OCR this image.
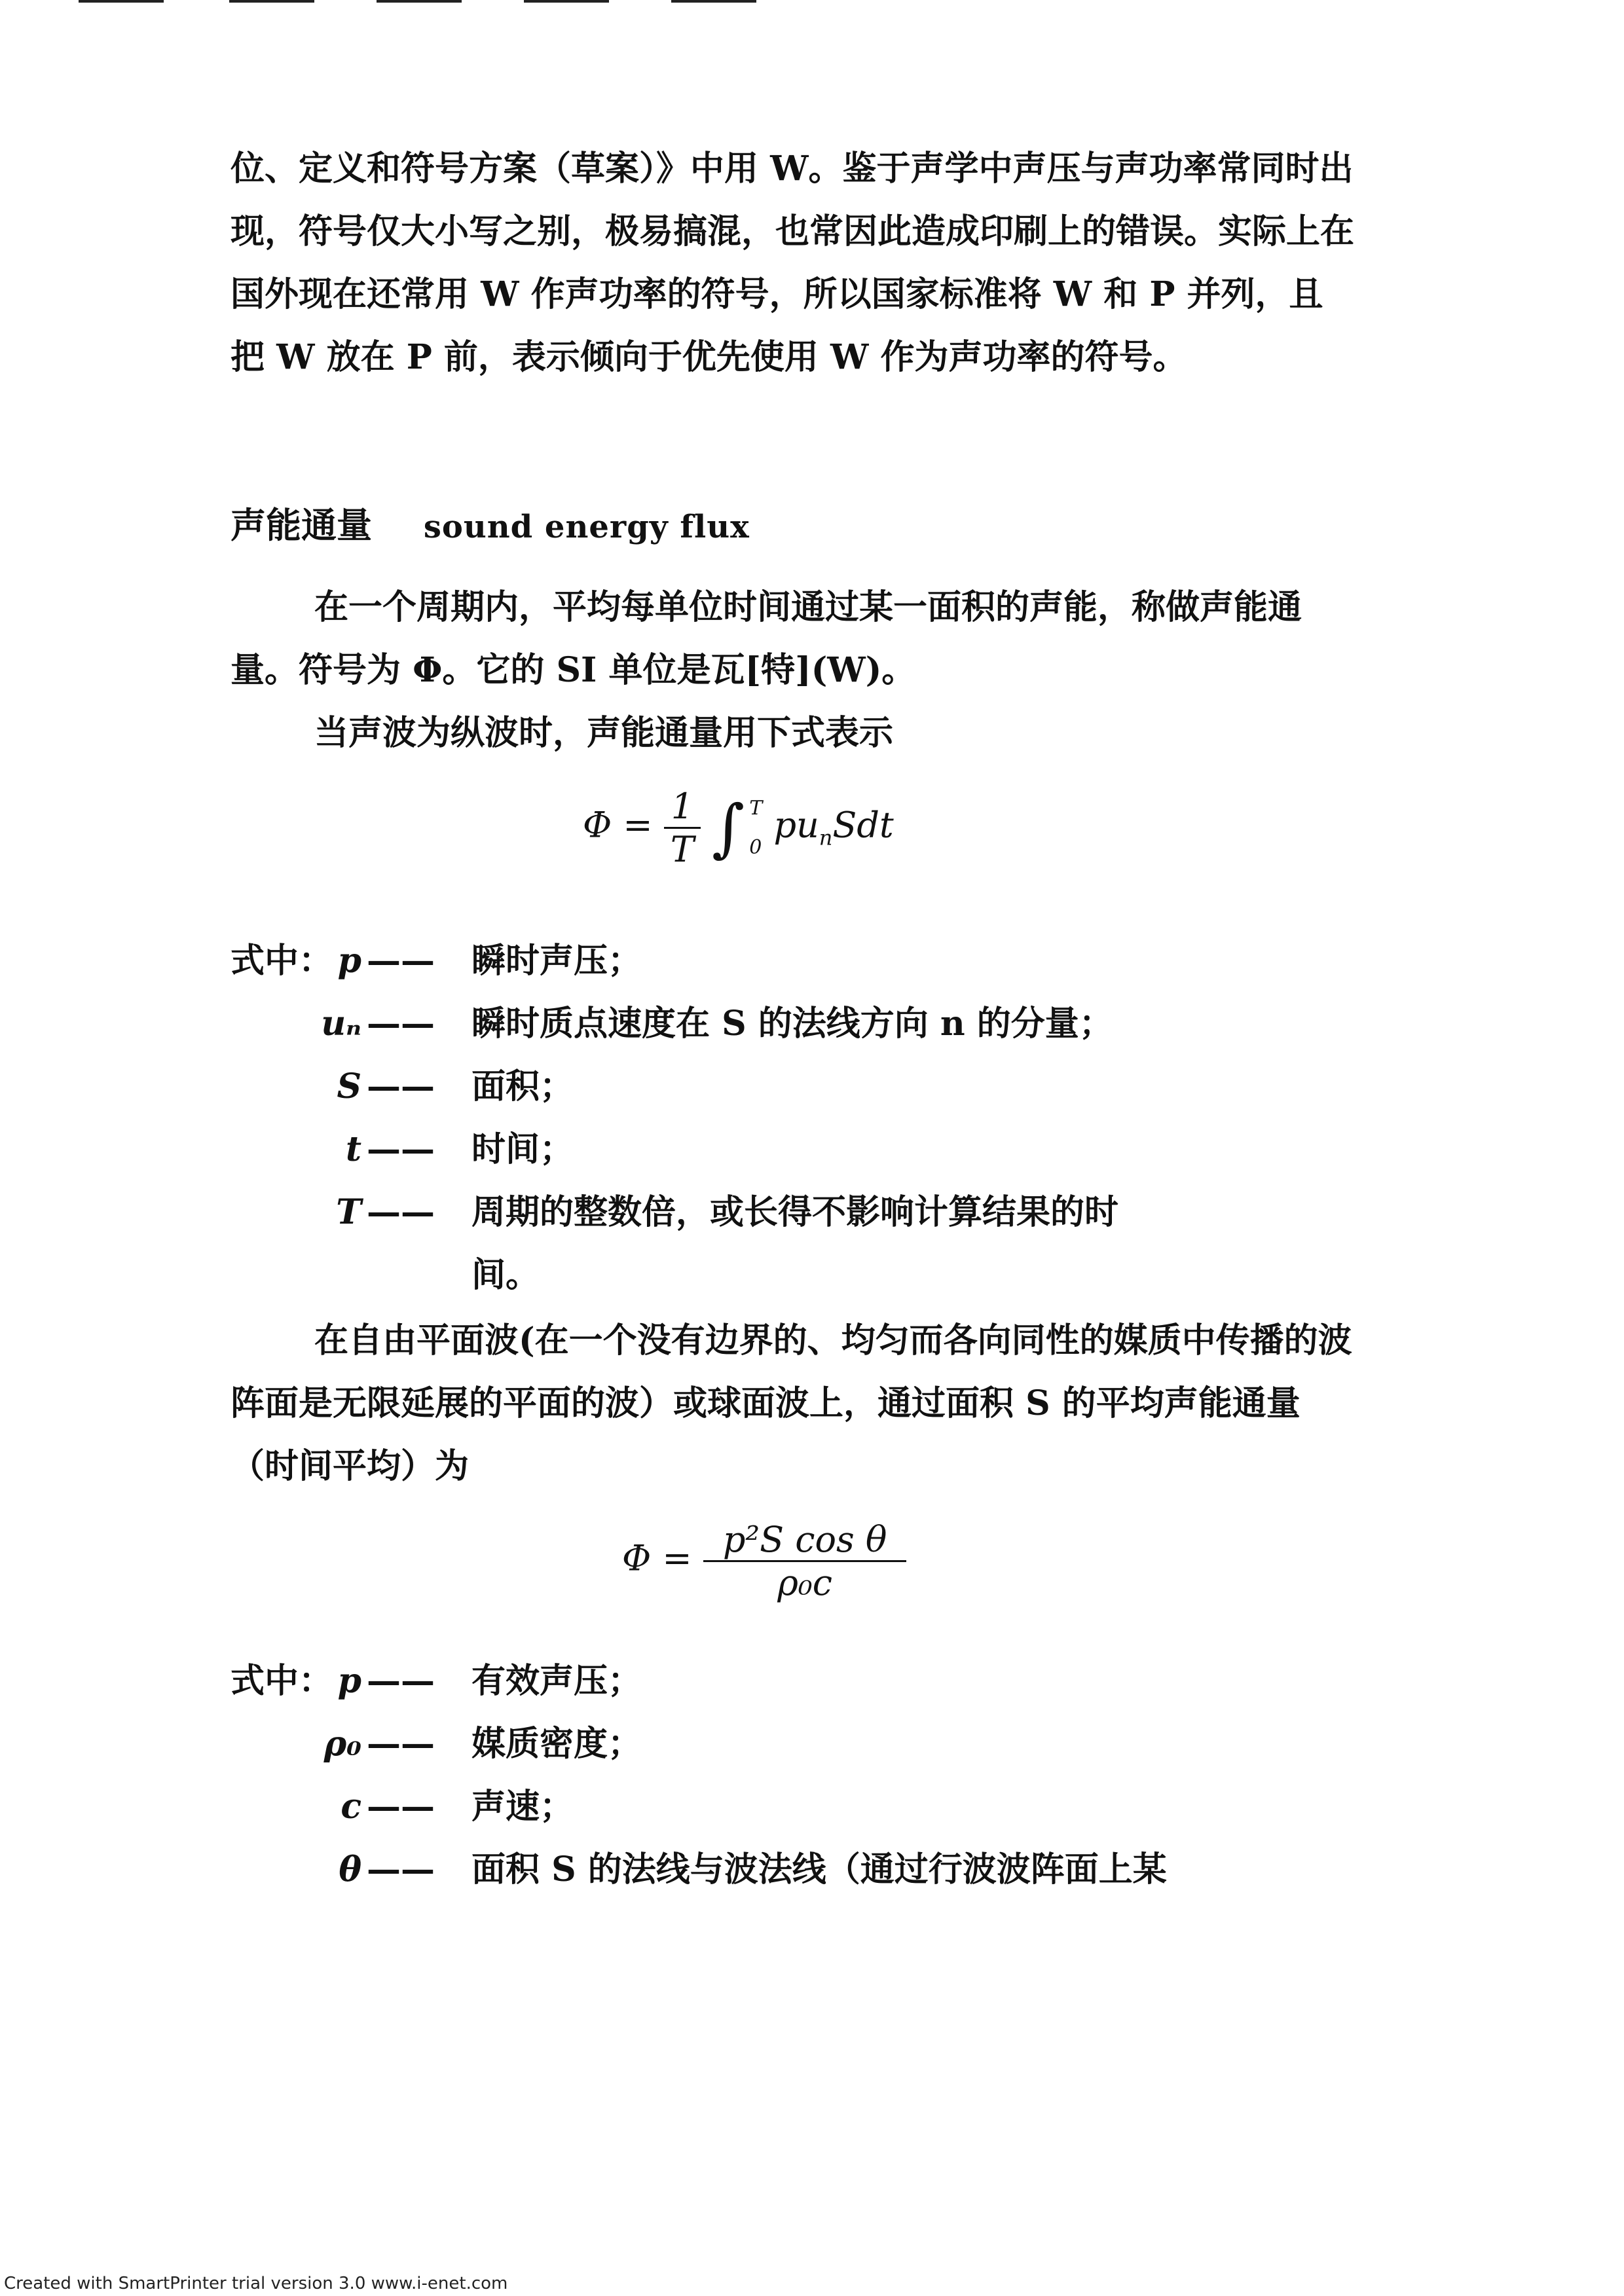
位、定义和符号方案（草案）》中用 W。鉴于声学中声压与声功率常同时出现，符号仅大小写之别，极易搞混，也常因此造成印刷上的错误。实际上在国外现在还常用 W 作声功率的符号，所以国家标准将 W 和 P 并列，且把 W 放在 P 前，表示倾向于优先使用 W 作为声功率的符号。

声能通量 sound energy flux

在一个周期内，平均每单位时间通过某一面积的声能，称做声能通量。符号为 Φ。它的 SI 单位是瓦[特](W)。

当声波为纵波时，声能通量用下式表示

$\Phi = \frac{1}{T}$ ∫ T
0
$pu_nSdt$
式中： p —— 瞬时声压；
uₙ —— 瞬时质点速度在 S 的法线方向 n 的分量；
S —— 面积；
t —— 时间；
T —— 周期的整数倍，或长得不影响计算结果的时
间。

在自由平面波(在一个没有边界的、均匀而各向同性的媒质中传播的波阵面是无限延展的平面的波）或球面波上，通过面积 S 的平均声能通量（时间平均）为

$\Phi = \frac{\text{p²S cos θ}}{\text{ρ₀c}}$
式中： p —— 有效声压；
ρ₀ —— 媒质密度；
c —— 声速；
θ —— 面积 S 的法线与波法线（通过行波波阵面上某
Created with SmartPrinter trial version 3.0 www.i-enet.com
